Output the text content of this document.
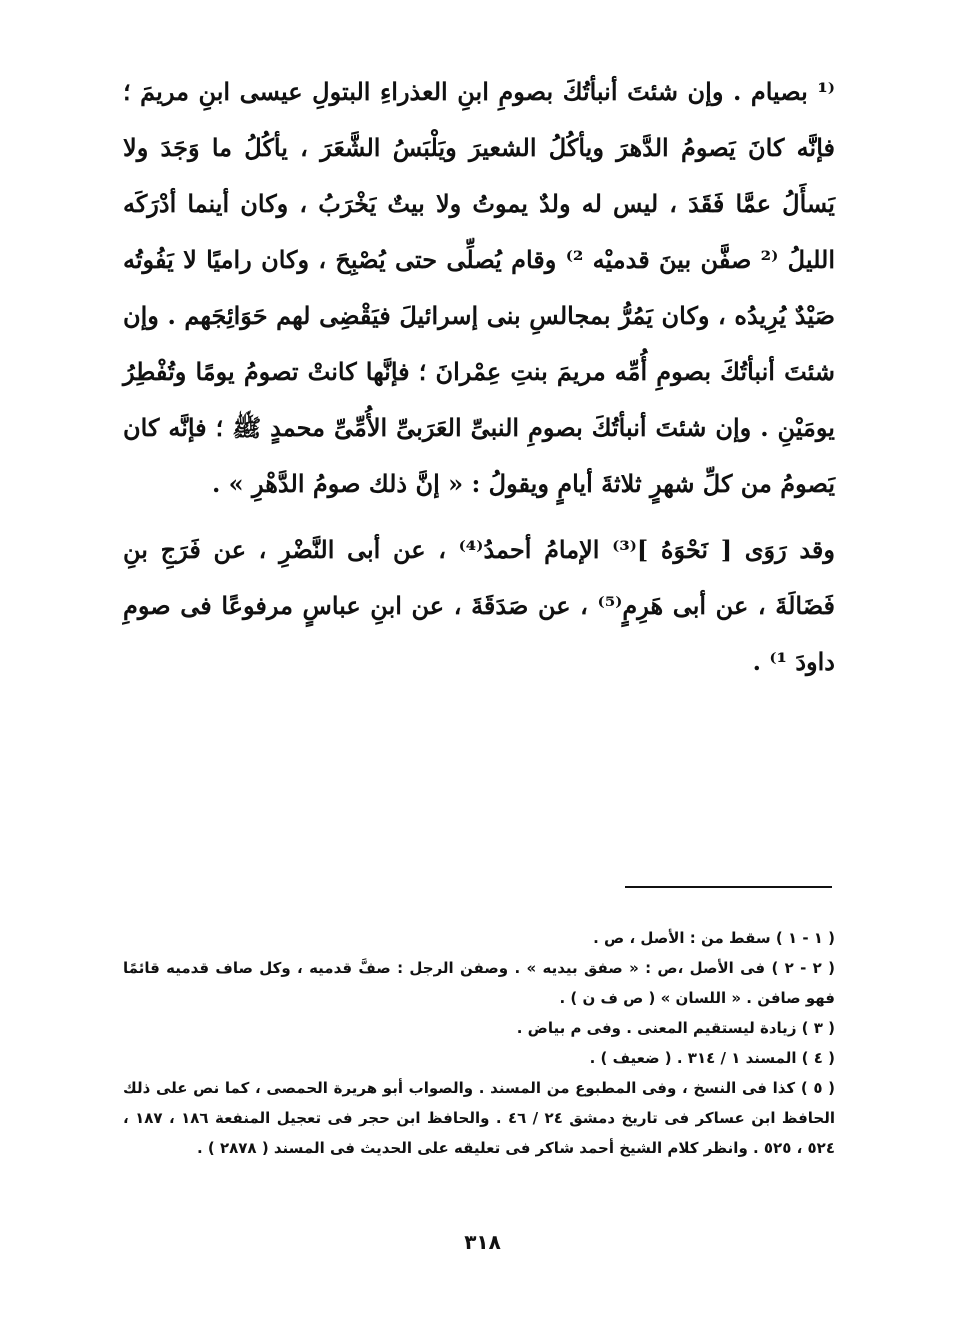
⁽¹ بصيام . وإن شئتَ أنبأتُكَ بصومِ ابنِ العذراءِ البتولِ عيسى ابنِ مريمَ ؛ فإنَّه كانَ يَصومُ الدَّهرَ ويأكُلُ الشعيرَ ويَلْبَسُ الشَّعَرَ ، يأكُلُ ما وَجَدَ ولا يَسأَلُ عمَّا فَقَدَ ، ليس له ولدٌ يموتُ ولا بيتٌ يَخْرَبُ ، وكان أينما أدْرَكَه الليلُ ⁽² صفَّن بينَ قدميْه ²⁾ وقام يُصلِّى حتى يُصْبِحَ ، وكان راميًا لا يَفُوتُه صَيْدٌ يُرِيدُه ، وكان يَمُرُّ بمجالسِ بنى إسرائيلَ فيَقْضِى لهم حَوَائِجَهم . وإن شئتَ أنبأتُكَ بصومِ أُمِّه مريمَ بنتِ عِمْرانَ ؛ فإنَّها كانتْ تصومُ يومًا وتُفْطِرُ يومَيْنِ . وإن شئتَ أنبأتُكَ بصومِ النبىِّ العَرَبىِّ الأُمِّىِّ محمدٍ ﷺ ؛ فإنَّه كان يَصومُ من كلِّ شهرٍ ثلاثةَ أيامٍ ويقولُ : « إنَّ ذلك صومُ الدَّهْرِ » .

وقد رَوَى [ نَحْوَهُ ]⁽³⁾ الإمامُ أحمدُ⁽⁴⁾ ، عن أبى النَّضْرِ ، عن فَرَجِ بنِ فَضَالَةَ ، عن أبى هَرِمٍ⁽⁵⁾ ، عن صَدَقَةَ ، عن ابنِ عباسٍ مرفوعًا فى صومِ داودَ ¹⁾ .

( ١ - ١ ) سقط من : الأصل ، ص .

( ٢ - ٢ ) فى الأصل ،ص : « صفق بيديه » . وصفن الرجل : صفَّ قدميه ، وكل صاف قدميه قائمًا فهو صافن . « اللسان » ( ص ف ن ) .

( ٣ ) زيادة ليستقيم المعنى . وفى م بياض .

( ٤ ) المسند ١ / ٣١٤ . ( ضعيف ) .

( ٥ ) كذا فى النسخ ، وفى المطبوع من المسند . والصواب أبو هريرة الحمصى ، كما نص على ذلك الحافظ ابن عساكر فى تاريخ دمشق ٢٤ / ٤٦ . والحافظ ابن حجر فى تعجيل المنفعة ١٨٦ ، ١٨٧ ، ٥٢٤ ، ٥٢٥ . وانظر كلام الشيخ أحمد شاكر فى تعليقه على الحديث فى المسند ( ٢٨٧٨ ) .

٣١٨
